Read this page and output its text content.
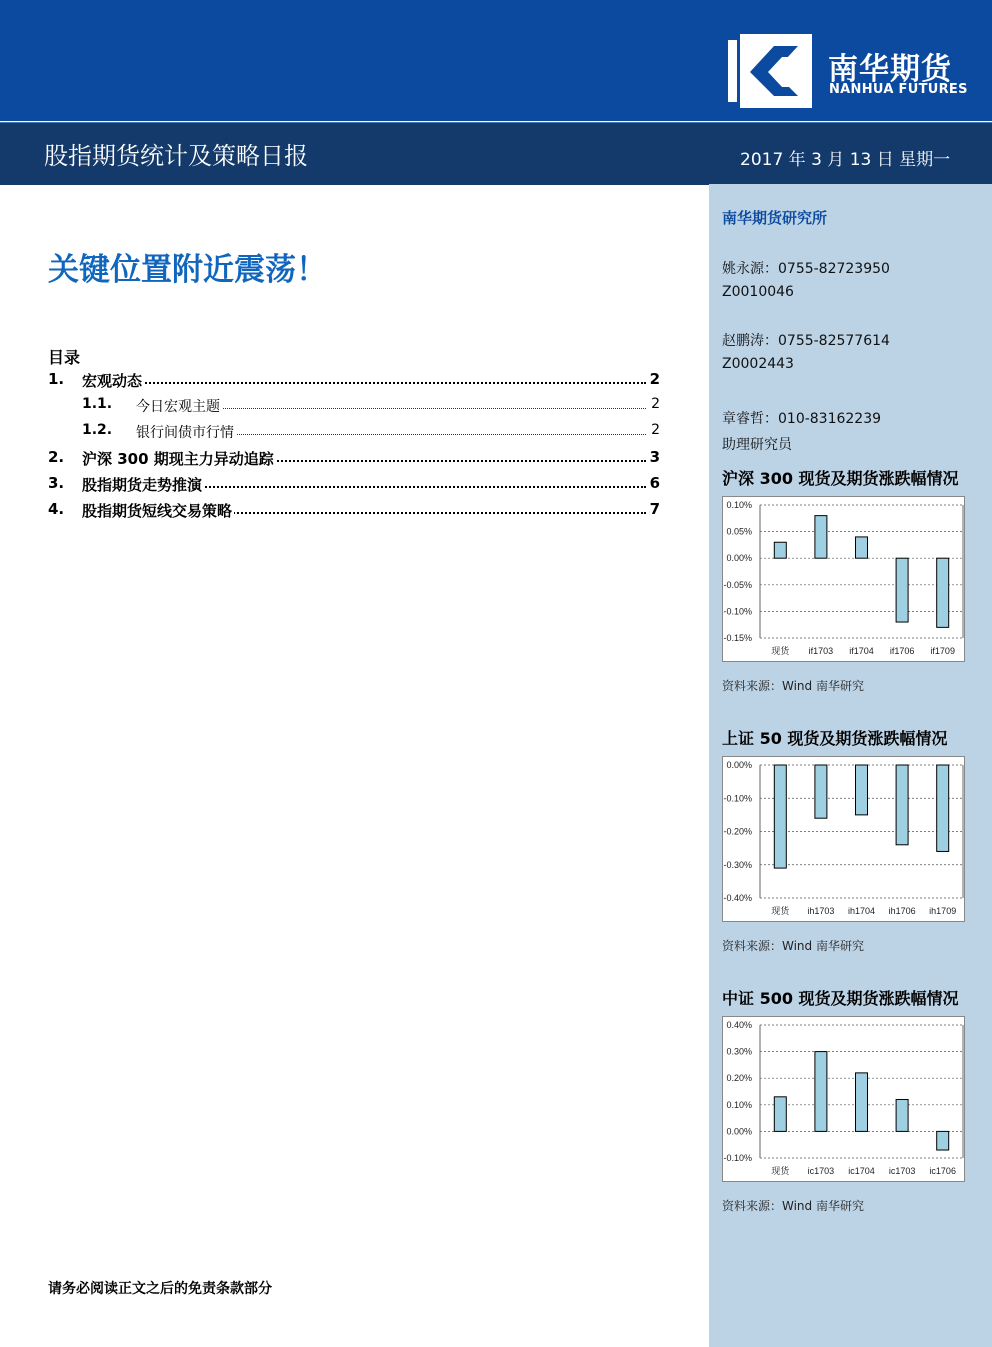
南华期货
NANHUA FUTURES
股指期货统计及策略日报	2017 年 3 月 13 日 星期一
南华期货研究所
姚永源：0755-82723950
Z0010046
赵鹏涛：0755-82577614
Z0002443
章睿哲：010-83162239
助理研究员
沪深 300 现货及期货涨跌幅情况
0.10%
0.05%
0.00%
-0.05%
-0.10%
-0.15%
现货 if1703 if1704 if1706 if1709
资料来源：Wind 南华研究
上证 50 现货及期货涨跌幅情况
0.00%
-0.10%
-0.20%
-0.30%
-0.40%
现货 ih1703 ih1704 ih1706 ih1709
资料来源：Wind 南华研究
中证 500 现货及期货涨跌幅情况
0.40%
0.30%
0.20%
0.10%
0.00%
-0.10%
现货 ic1703 ic1704 ic1703 ic1706
资料来源：Wind 南华研究
关键位置附近震荡！
目录
1. 宏观动态	2
1.1. 今日宏观主题	2
1.2. 银行间债市行情	2
2. 沪深 300 期现主力异动追踪	3
3. 股指期货走势推演	6
4. 股指期货短线交易策略	7
请务必阅读正文之后的免责条款部分
